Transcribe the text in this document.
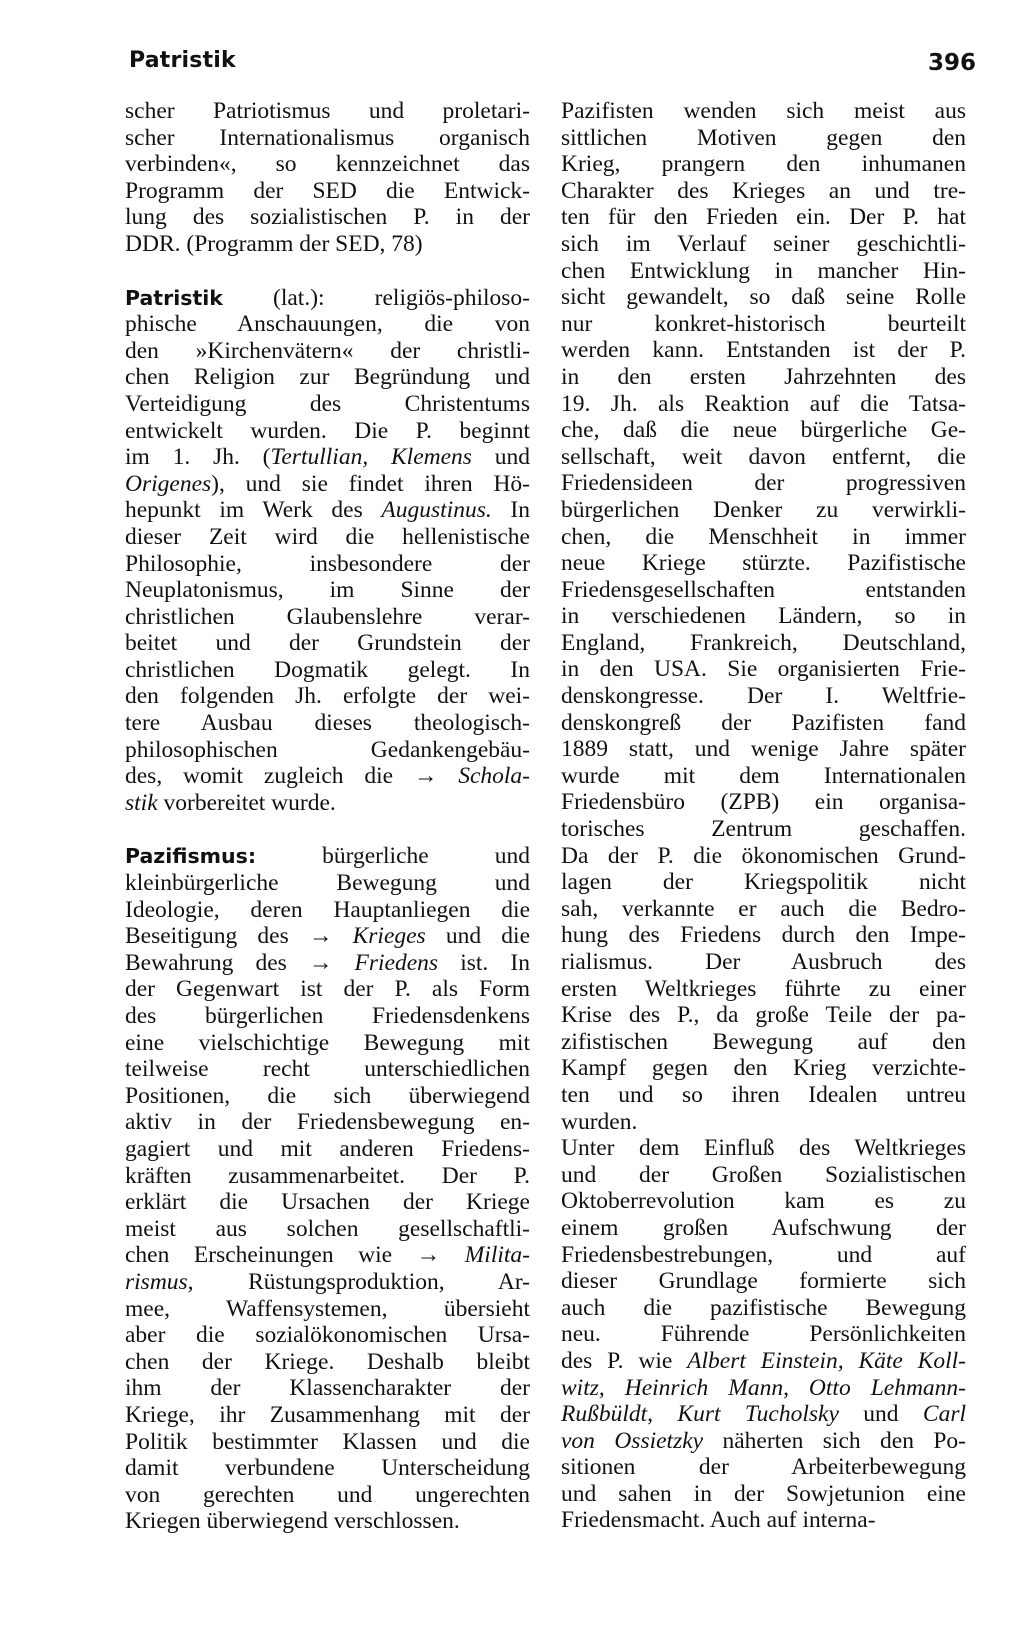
Patristik	396
scher Patriotismus und proletari-
scher Internationalismus organisch
verbinden«, so kennzeichnet das
Programm der SED die Entwick-
lung des sozialistischen P. in der
DDR. (Programm der SED, 78)
Patristik (lat.): religiös-philoso-
phische Anschauungen, die von
den »Kirchenvätern« der christli-
chen Religion zur Begründung und
Verteidigung des Christentums
entwickelt wurden. Die P. beginnt
im 1. Jh. (Tertullian, Klemens und
Origenes), und sie findet ihren Hö-
hepunkt im Werk des Augustinus. In
dieser Zeit wird die hellenistische
Philosophie, insbesondere der
Neuplatonismus, im Sinne der
christlichen Glaubenslehre verar-
beitet und der Grundstein der
christlichen Dogmatik gelegt. In
den folgenden Jh. erfolgte der wei-
tere Ausbau dieses theologisch-
philosophischen Gedankengebäu-
des, womit zugleich die → Schola-
stik vorbereitet wurde.
Pazifismus: bürgerliche und
kleinbürgerliche Bewegung und
Ideologie, deren Hauptanliegen die
Beseitigung des → Krieges und die
Bewahrung des → Friedens ist. In
der Gegenwart ist der P. als Form
des bürgerlichen Friedensdenkens
eine vielschichtige Bewegung mit
teilweise recht unterschiedlichen
Positionen, die sich überwiegend
aktiv in der Friedensbewegung en-
gagiert und mit anderen Friedens-
kräften zusammenarbeitet. Der P.
erklärt die Ursachen der Kriege
meist aus solchen gesellschaftli-
chen Erscheinungen wie → Milita-
rismus, Rüstungsproduktion, Ar-
mee, Waffensystemen, übersieht
aber die sozialökonomischen Ursa-
chen der Kriege. Deshalb bleibt
ihm der Klassencharakter der
Kriege, ihr Zusammenhang mit der
Politik bestimmter Klassen und die
damit verbundene Unterscheidung
von gerechten und ungerechten
Kriegen überwiegend verschlossen.
Pazifisten wenden sich meist aus
sittlichen Motiven gegen den
Krieg, prangern den inhumanen
Charakter des Krieges an und tre-
ten für den Frieden ein. Der P. hat
sich im Verlauf seiner geschichtli-
chen Entwicklung in mancher Hin-
sicht gewandelt, so daß seine Rolle
nur konkret-historisch beurteilt
werden kann. Entstanden ist der P.
in den ersten Jahrzehnten des
19. Jh. als Reaktion auf die Tatsa-
che, daß die neue bürgerliche Ge-
sellschaft, weit davon entfernt, die
Friedensideen der progressiven
bürgerlichen Denker zu verwirkli-
chen, die Menschheit in immer
neue Kriege stürzte. Pazifistische
Friedensgesellschaften entstanden
in verschiedenen Ländern, so in
England, Frankreich, Deutschland,
in den USA. Sie organisierten Frie-
denskongresse. Der I. Weltfrie-
denskongreß der Pazifisten fand
1889 statt, und wenige Jahre später
wurde mit dem Internationalen
Friedensbüro (ZPB) ein organisa-
torisches Zentrum geschaffen.
Da der P. die ökonomischen Grund-
lagen der Kriegspolitik nicht
sah, verkannte er auch die Bedro-
hung des Friedens durch den Impe-
rialismus. Der Ausbruch des
ersten Weltkrieges führte zu einer
Krise des P., da große Teile der pa-
zifistischen Bewegung auf den
Kampf gegen den Krieg verzichte-
ten und so ihren Idealen untreu
wurden.
Unter dem Einfluß des Weltkrieges
und der Großen Sozialistischen
Oktoberrevolution kam es zu
einem großen Aufschwung der
Friedensbestrebungen, und auf
dieser Grundlage formierte sich
auch die pazifistische Bewegung
neu. Führende Persönlichkeiten
des P. wie Albert Einstein, Käte Koll-
witz, Heinrich Mann, Otto Lehmann-
Rußbüldt, Kurt Tucholsky und Carl
von Ossietzky näherten sich den Po-
sitionen der Arbeiterbewegung
und sahen in der Sowjetunion eine
Friedensmacht. Auch auf interna-
